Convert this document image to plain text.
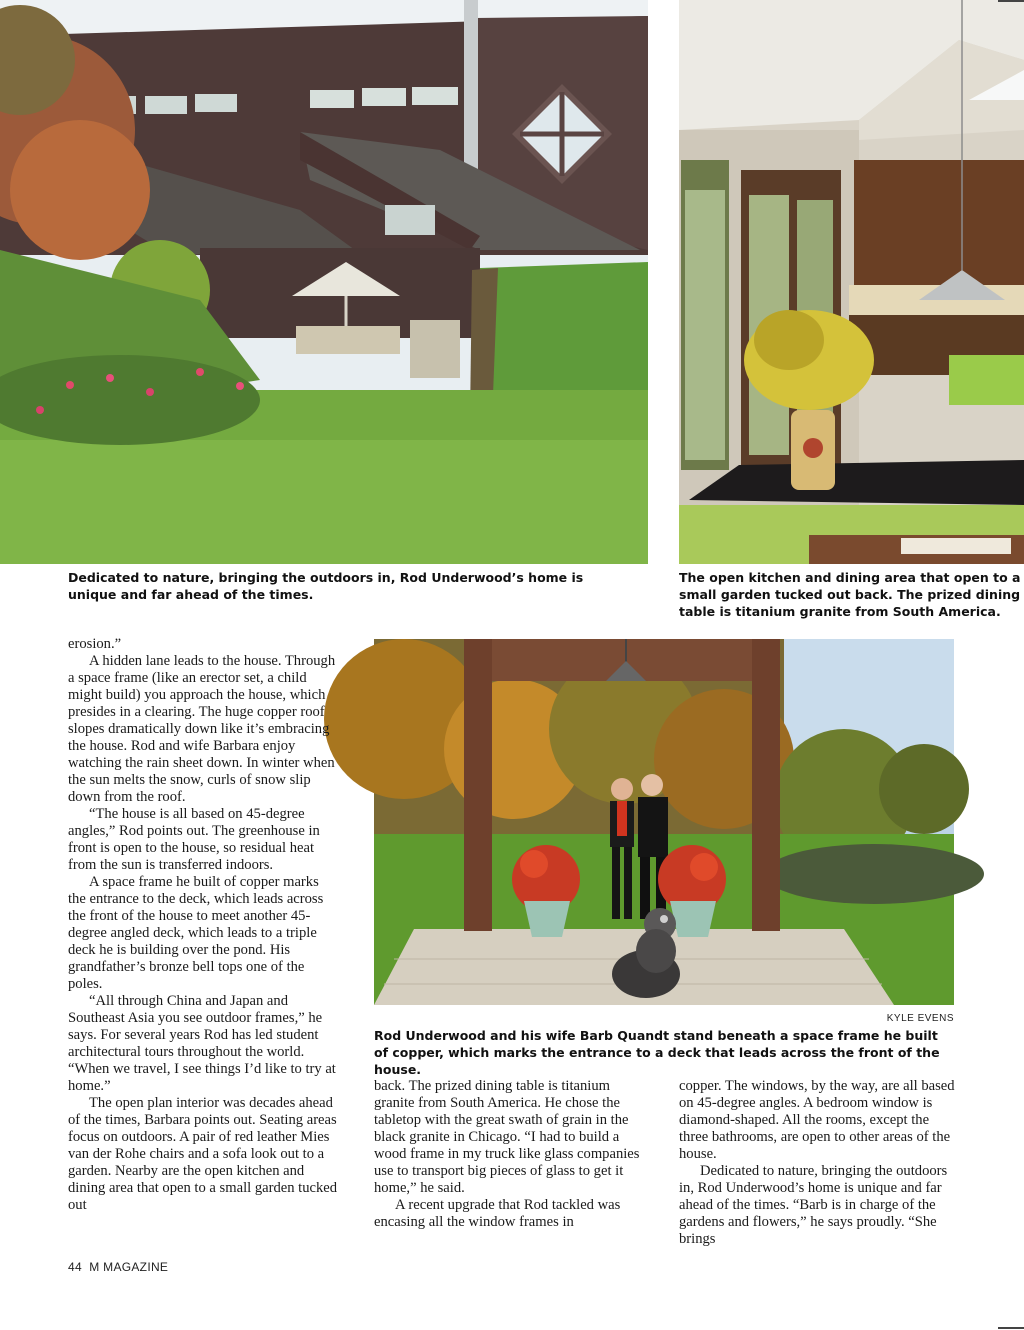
Dedicated to nature, bringing the outdoors in, Rod Underwood’s home is unique and far ahead of the times.
The open kitchen and dining area that open to a small garden tucked out back. The prized dining table is titanium granite from South America.
KYLE EVENS
Rod Underwood and his wife Barb Quandt stand beneath a space frame he built of copper, which marks the entrance to a deck that leads across the front of the house.

erosion.”

A hidden lane leads to the house. Through a space frame (like an erector set, a child might build) you approach the house, which presides in a clearing. The huge copper roof slopes dramatically down like it’s embracing the house. Rod and wife Barbara enjoy watching the rain sheet down. In winter when the sun melts the snow, curls of snow slip down from the roof.

“The house is all based on 45-degree angles,” Rod points out. The greenhouse in front is open to the house, so residual heat from the sun is transferred indoors.

A space frame he built of copper marks the entrance to the deck, which leads across the front of the house to meet another 45-degree angled deck, which leads to a triple deck he is building over the pond. His grandfather’s bronze bell tops one of the poles.

“All through China and Japan and Southeast Asia you see outdoor frames,” he says. For several years Rod has led student architectural tours throughout the world. “When we travel, I see things I’d like to try at home.”

The open plan interior was decades ahead of the times, Barbara points out. Seating areas focus on outdoors. A pair of red leather Mies van der Rohe chairs and a sofa look out to a garden. Nearby are the open kitchen and dining area that open to a small garden tucked out

back. The prized dining table is titanium granite from South America. He chose the tabletop with the great swath of grain in the black granite in Chicago. “I had to build a wood frame in my truck like glass companies use to transport big pieces of glass to get it home,” he said.

A recent upgrade that Rod tackled was encasing all the window frames in

copper. The windows, by the way, are all based on 45-degree angles. A bedroom window is diamond-shaped. All the rooms, except the three bathrooms, are open to other areas of the house.

Dedicated to nature, bringing the outdoors in, Rod Underwood’s home is unique and far ahead of the times. “Barb is in charge of the gardens and flowers,” he says proudly. “She brings

44  M MAGAZINE
